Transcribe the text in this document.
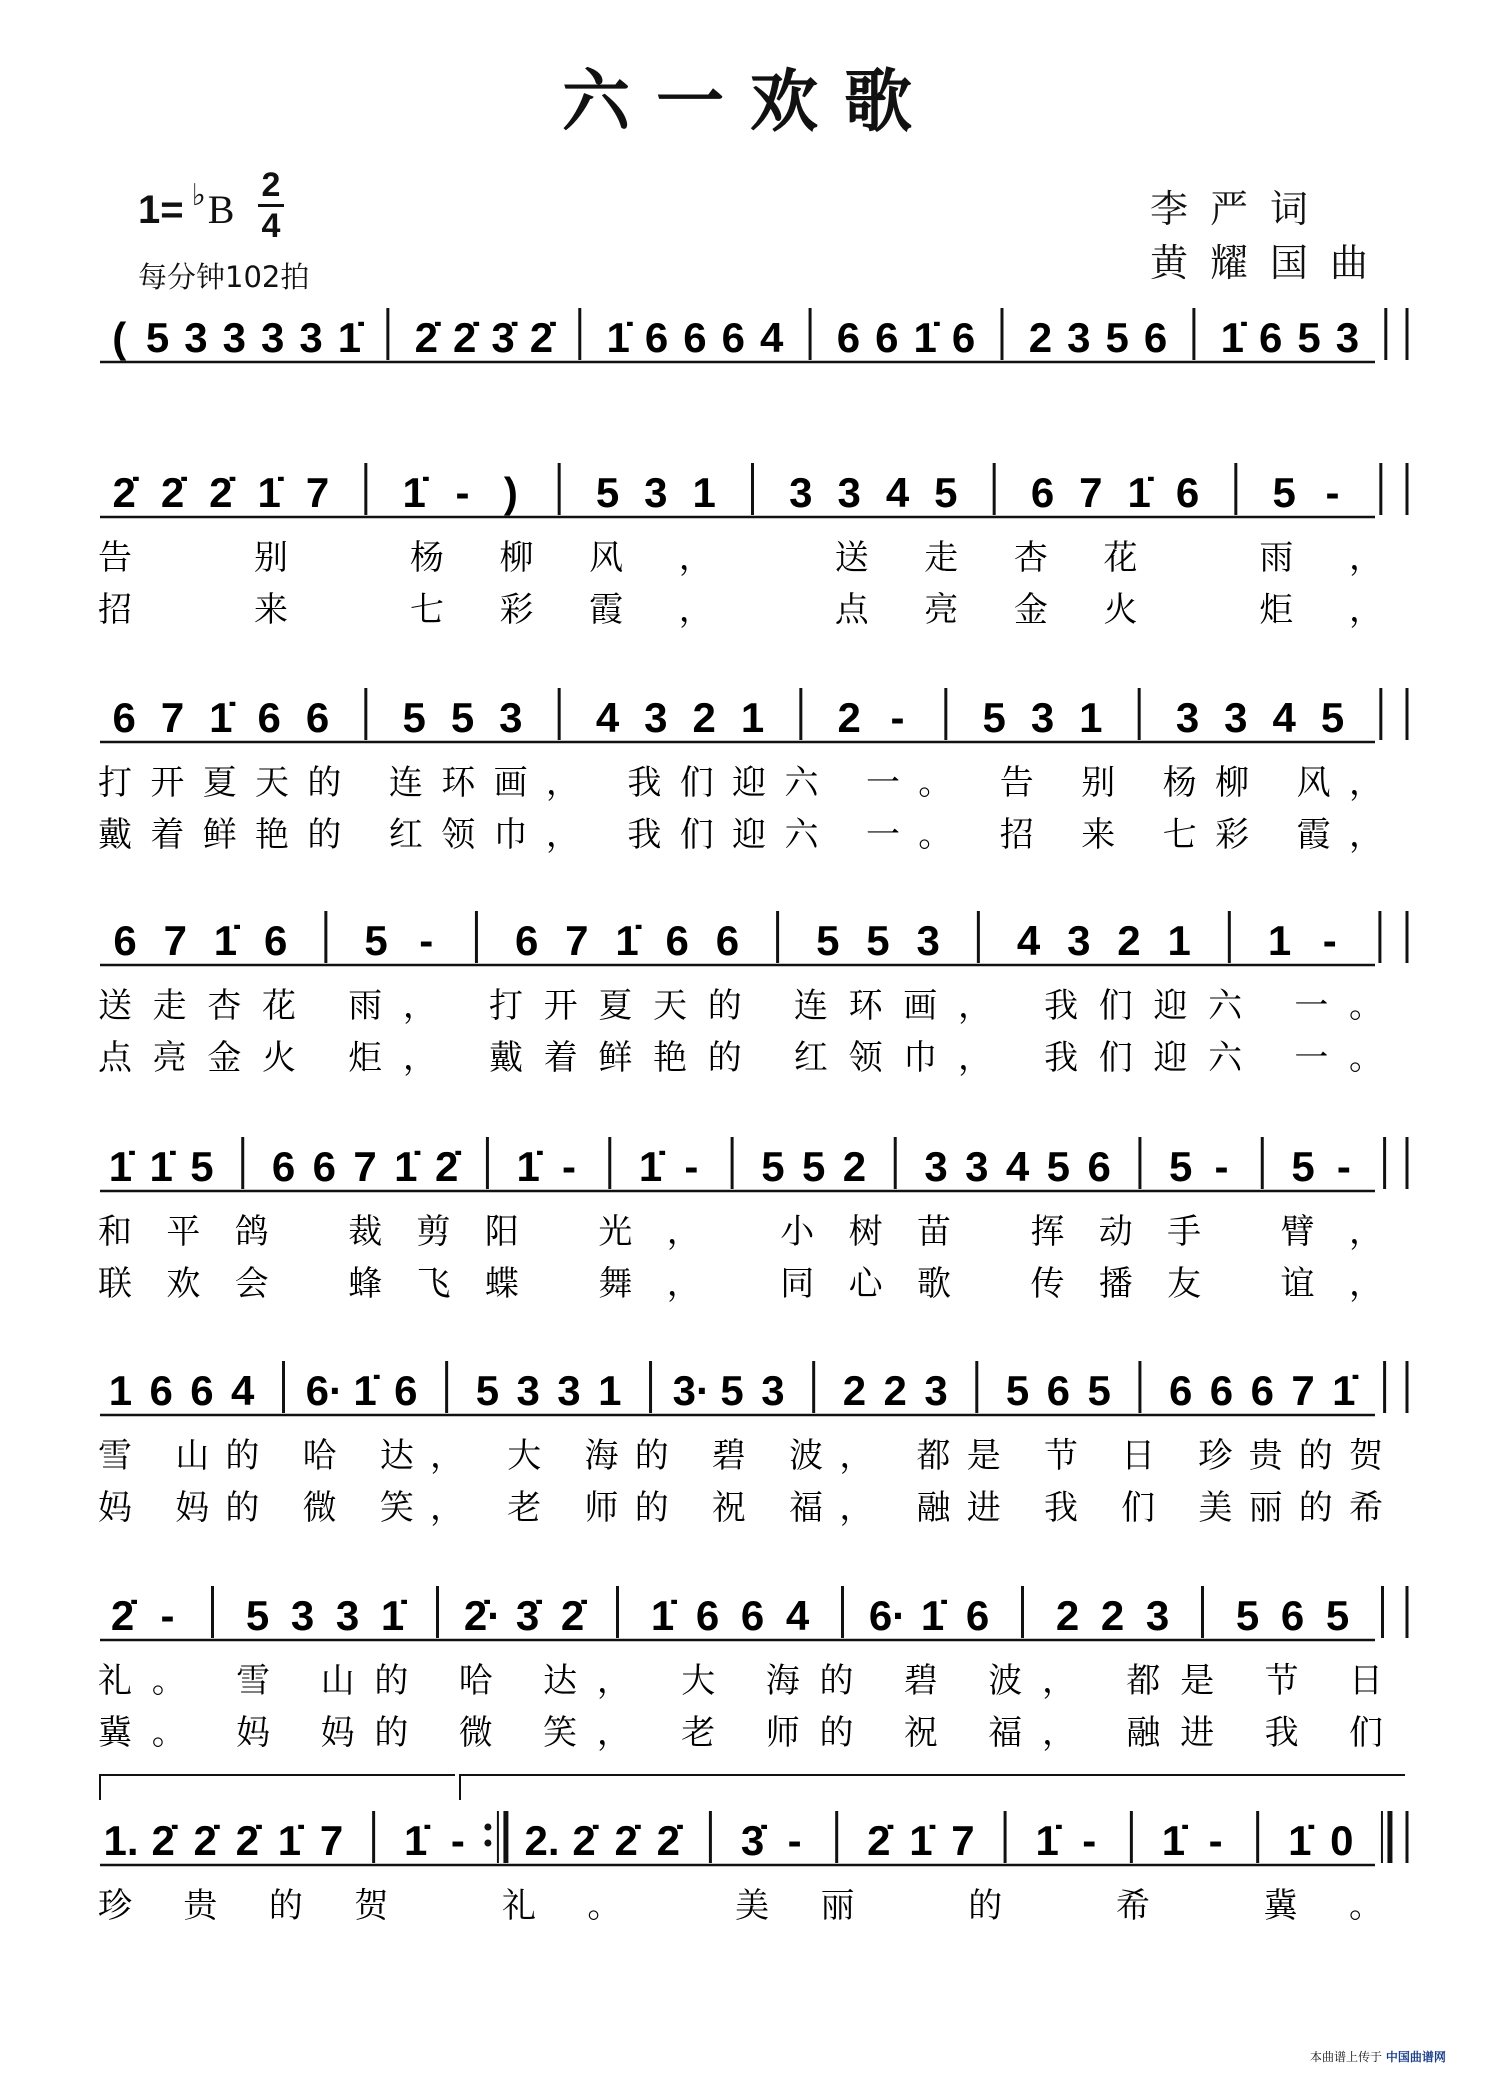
六一欢歌
1= ♭B
2
4
每分钟102拍
李严词
黄耀国曲
( 5 3 3 3 3 1̇ 2̇ 2̇ 3̇ 2̇ 1̇ 6 6 6 4 6 6 1̇ 6 2 3 5 6 1̇ 6 5 3
2̇ 2̇ 2̇ 1̇ 7 1̇ - ) 5 3 1 3 3 4 5 6 7 1̇ 6 5 -
告 别 杨柳风， 送走杏花 雨，
招 来 七彩霞， 点亮金火 炬，
6 7 1̇ 6 6 5 5 3 4 3 2 1 2 - 5 3 1 3 3 4 5
打开夏天的 连环画， 我们迎六 一。 告 别 杨柳 风，
戴着鲜艳的 红领巾， 我们迎六 一。 招 来 七彩 霞，
6 7 1̇ 6 5 - 6 7 1̇ 6 6 5 5 3 4 3 2 1 1 -
送走杏花 雨， 打开夏天的 连环画， 我们迎六 一。
点亮金火 炬， 戴着鲜艳的 红领巾， 我们迎六 一。
1̇ 1̇ 5 6 6 7 1̇ 2̇ 1̇ - 1̇ - 5 5 2 3 3 4 5 6 5 - 5 -
和平鸽 裁剪阳 光， 小树苗 挥动手 臂，
联欢会 蜂飞蝶 舞， 同心歌 传播友 谊，
1 6 6 4 6· 1̇ 6 5 3 3 1 3· 5 3 2 2 3 5 6 5 6 6 6 7 1̇
雪 山的 哈 达， 大 海的 碧 波， 都是 节 日 珍贵的贺
妈 妈的 微 笑， 老 师的 祝 福， 融进 我 们 美丽的希
2̇ - 5 3 3 1̇ 2̇· 3̇ 2̇ 1̇ 6 6 4 6· 1̇ 6 2 2 3 5 6 5
礼。 雪 山的 哈 达， 大 海的 碧 波， 都是 节 日
冀。 妈 妈的 微 笑， 老 师的 祝 福， 融进 我 们
1. 2̇ 2̇ 2̇ 1̇ 7 1̇ - 2. 2̇ 2̇ 2̇ 3̇ - 2̇ 1̇ 7 1̇ - 1̇ - 1̇ 0
珍贵的贺 礼。 美丽 的 希 冀。
本曲谱上传于 中国曲谱网
